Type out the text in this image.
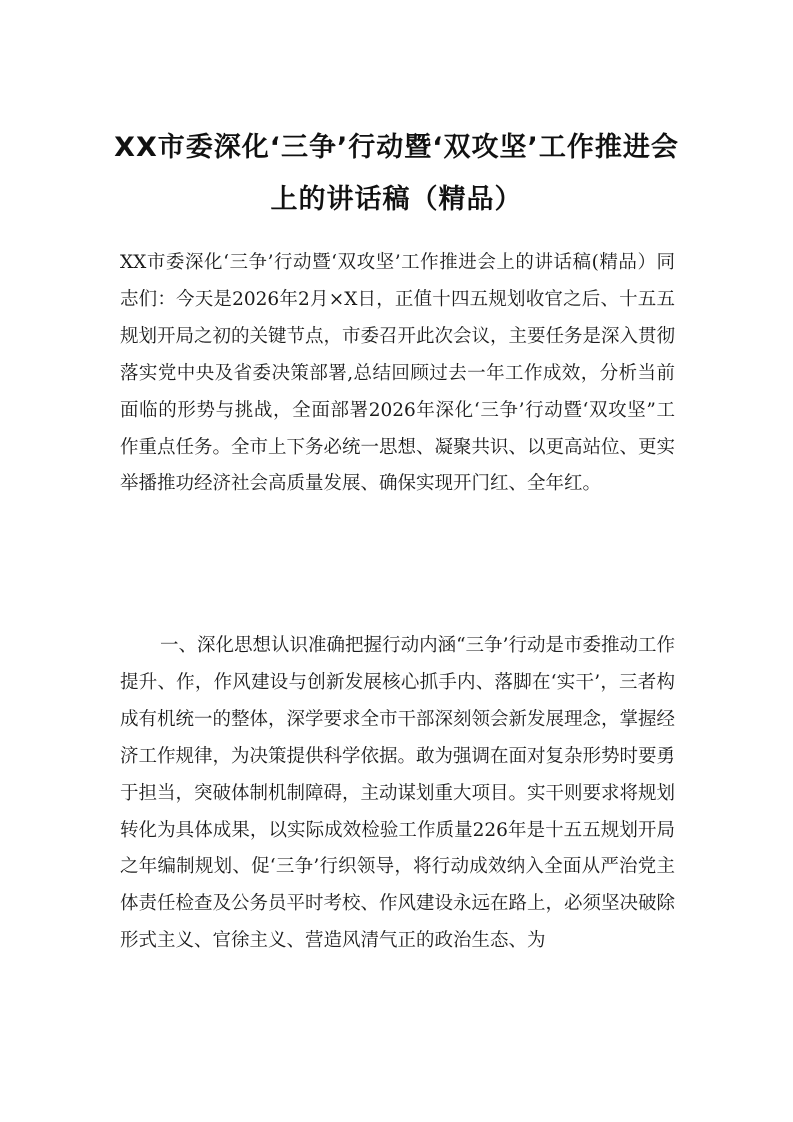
XX市委深化‘三争’行动暨‘双攻坚’工作推进会上的讲话稿（精品）

XX市委深化‘三争’行动暨‘双攻坚’工作推进会上的讲话稿(精品）同志们：今天是2026年2月×X日，正值十四五规划收官之后、十五五规划开局之初的关键节点，市委召开此次会议，主要任务是深入贯彻落实党中央及省委决策部署,总结回顾过去一年工作成效，分析当前面临的形势与挑战，全面部署2026年深化‘三争’行动暨‘双攻坚”工作重点任务。全市上下务必统一思想、凝聚共识、以更高站位、更实举播推功经济社会高质量发展、确保实现开门红、全年红。

一、深化思想认识准确把握行动内涵“三争’行动是市委推动工作提升、作，作风建设与创新发展核心抓手内、落脚在‘实干’，三者构成有机统一的整体，深学要求全市干部深刻领会新发展理念，掌握经济工作规律，为决策提供科学依据。敢为强调在面对复杂形势时要勇于担当，突破体制机制障碍，主动谋划重大项目。实干则要求将规划转化为具体成果，以实际成效检验工作质量226年是十五五规划开局之年编制规划、促‘三争’行织领导，将行动成效纳入全面从严治党主体责任检查及公务员平时考校、作风建设永远在路上，必须坚决破除形式主义、官徐主义、营造风清气正的政治生态、为
